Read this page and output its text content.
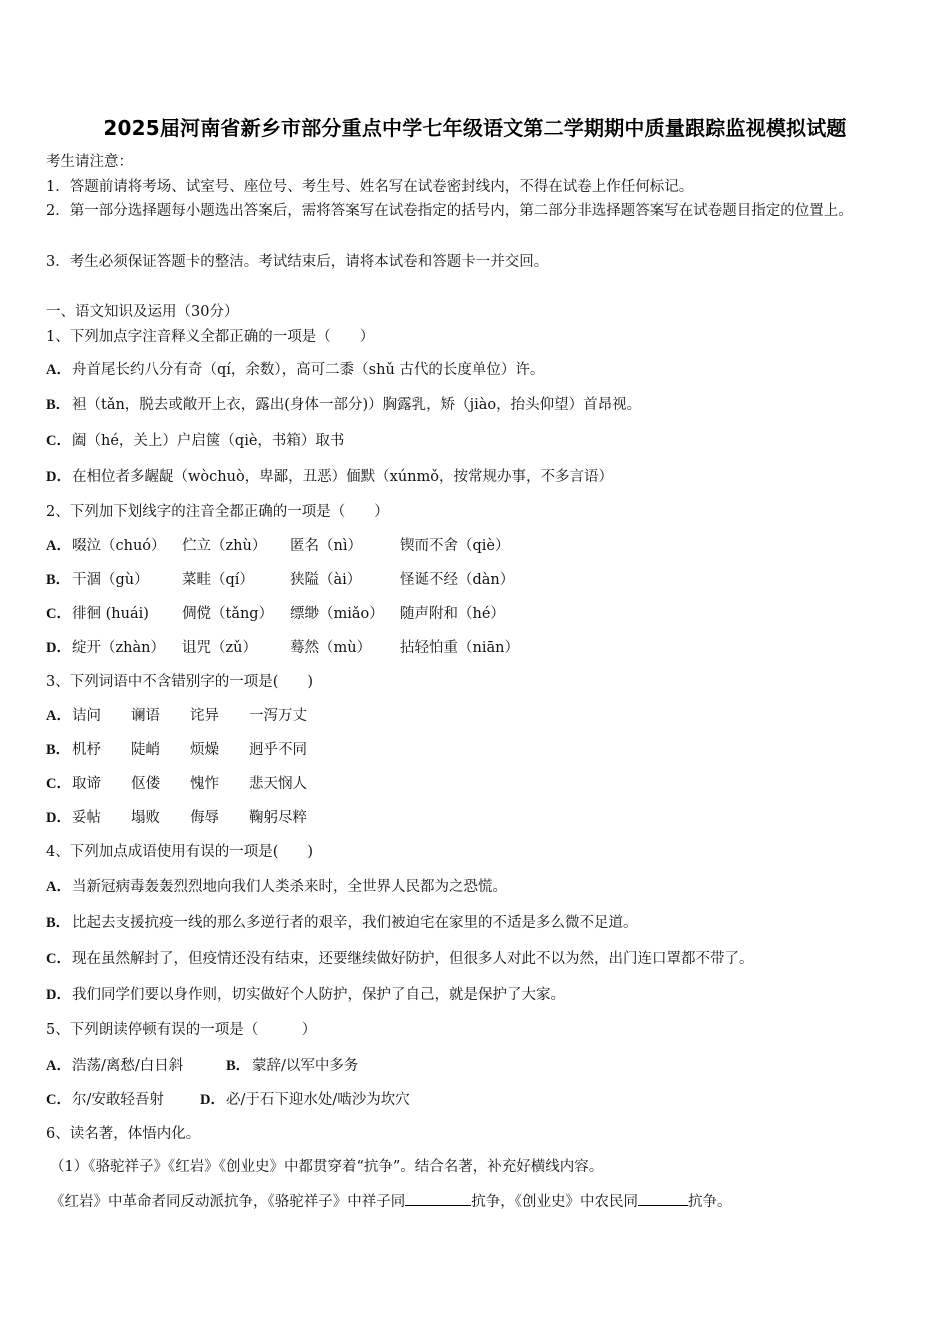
2025届河南省新乡市部分重点中学七年级语文第二学期期中质量跟踪监视模拟试题
考生请注意：
1．答题前请将考场、试室号、座位号、考生号、姓名写在试卷密封线内，不得在试卷上作任何标记。
2．第一部分选择题每小题选出答案后，需将答案写在试卷指定的括号内，第二部分非选择题答案写在试卷题目指定的位置上。
3．考生必须保证答题卡的整洁。考试结束后，请将本试卷和答题卡一并交回。
一、语文知识及运用（30分）
1、下列加点字注音释义全都正确的一项是（　　）
A．舟首尾长约八分有奇（qí，余数），高可二黍（shǔ 古代的长度单位）许。
B． 袒（tǎn，脱去或敞开上衣，露出(身体一部分)）胸露乳，矫（jiào，抬头仰望）首昂视。
C．阖（hé，关上）户启箧（qiè，书箱）取书
D．在相位者多龌龊（wòchuò，卑鄙，丑恶）偭默（xúnmǒ，按常规办事，不多言语）
2、下列加下划线字的注音全都正确的一项是（　　）
A．啜泣（chuó） 伫立（zhù） 匿名（nì）	锲而不舍（qiè）
B． 干涸（gù） 菜畦（qí） 狭隘（ài）	怪诞不经（dàn）
C．徘徊 (huái) 倜傥（tǎng） 缥缈（miǎo） 随声附和（hé）
D．绽开（zhàn） 诅咒（zǔ） 蓦然（mù） 拈轻怕重（niān）
3、下列词语中不含错别字的一项是(　　)
A．诘问 谰语 诧异 一泻万丈
B． 机杼 陡峭 烦燥 迥乎不同
C．取谛 伛偻 愧怍 悲天悯人
D．妥帖 塌败 侮辱 鞠躬尽粹
4、下列加点成语使用有误的一项是(　　)
A．当新冠病毒轰轰烈烈地向我们人类杀来时，全世界人民都为之恐慌。
B． 比起去支援抗疫一线的那么多逆行者的艰辛，我们被迫宅在家里的不适是多么微不足道。
C．现在虽然解封了，但疫情还没有结束，还要继续做好防护，但很多人对此不以为然，出门连口罩都不带了。
D．我们同学们要以身作则，切实做好个人防护，保护了自己，就是保护了大家。
5、下列朗读停顿有误的一项是（　　　）
A．浩荡/离愁/白日斜	B． 蒙辞/以军中多务
C．尔/安敢轻吾射 D．必/于石下迎水处/啮沙为坎穴
6、读名著，体悟内化。
（1）《骆驼祥子》《红岩》《创业史》中都贯穿着“抗争”。结合名著，补充好横线内容。
《红岩》中革命者同反动派抗争，《骆驼祥子》中祥子同	抗争，《创业史》中农民同	抗争。
